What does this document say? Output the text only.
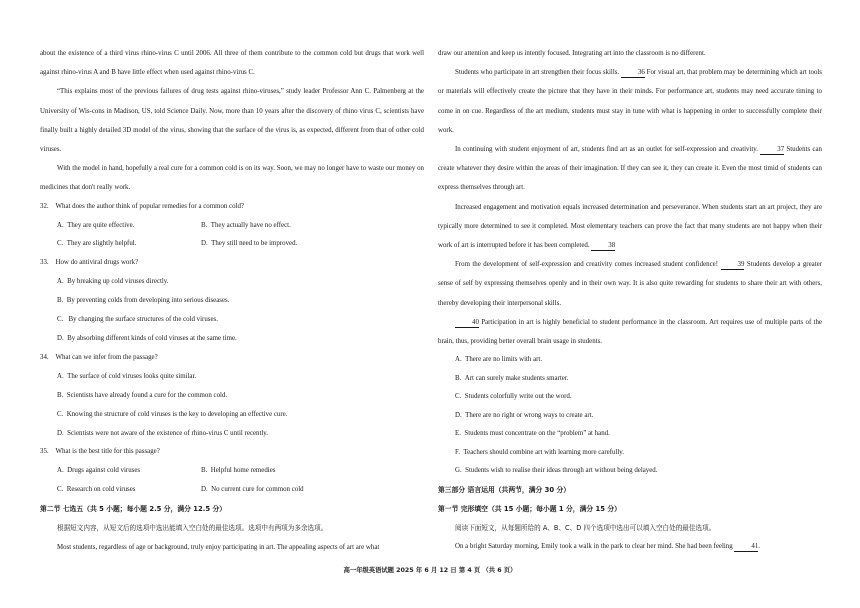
about the existence of a third virus rhino-virus C until 2006. All three of them contribute to the common cold but drugs that work well against rhino-virus A and B have little effect when used against rhino-virus C.

“This explains most of the previous failures of drug tests against rhino-viruses,” study leader Professor Ann C. Palmenberg at the University of Wis-cons in Madison, US, told Science Daily. Now, more than 10 years after the discovery of rhino virus C, scientists have finally built a highly detailed 3D model of the virus, showing that the surface of the virus is, as expected, different from that of other cold viruses.

With the model in hand, hopefully a real cure for a common cold is on its way. Soon, we may no longer have to waste our money on medicines that don't really work.

32. What does the author think of popular remedies for a common cold?

A. They are quite effective.	B. They actually have no effect.
C. They are slightly helpful.	D. They still need to be improved.

33. How do antiviral drugs work?

A. By breaking up cold viruses directly.

B. By preventing colds from developing into serious diseases.

C.  By changing the surface structures of the cold viruses.

D. By absorbing different kinds of cold viruses at the same time.

34. What can we infer from the passage?

A. The surface of cold viruses looks quite similar.

B. Scientists have already found a cure for the common cold.

C. Knowing the structure of cold viruses is the key to developing an effective cure.

D. Scientists were not aware of the existence of rhino-virus C until recently.

35. What is the best title for this passage?

A. Drugs against cold viruses	B. Helpful home remedies
C. Research on cold viruses	D. No current cure for common cold

第二节 七选五（共 5 小题；每小题 2.5 分，满分 12.5 分）

根据短文内容，从短文后的选项中选出能填入空白处的最佳选项。选项中有两项为多余选项。

Most students, regardless of age or background, truly enjoy participating in art. The appealing aspects of art are what

draw our attention and keep us intently focused. Integrating art into the classroom is no different.

Students who participate in art strengthen their focus skills.	36 For visual art, that problem may be determining which art tools or materials will effectively create the picture that they have in their minds. For performance art, students may need accurate timing to come in on cue. Regardless of the art medium, students must stay in tune with what is happening in order to successfully complete their work.

In continuing with student enjoyment of art, students find art as an outlet for self-expression and creativity.	37 Students can create whatever they desire within the areas of their imagination. If they can see it, they can create it. Even the most timid of students can express themselves through art.

Increased engagement and motivation equals increased determination and perseverance. When students start an art project, they are typically more determined to see it completed. Most elementary teachers can prove the fact that many students are not happy when their work of art is interrupted before it has been completed.	38

From the development of self-expression and creativity comes increased student confidence!	39 Students develop a greater sense of self by expressing themselves openly and in their own way. It is also quite rewarding for students to share their art with others, thereby developing their interpersonal skills.

40 Participation in art is highly beneficial to student performance in the classroom. Art requires use of multiple parts of the brain, thus, providing better overall brain usage in students.

A. There are no limits with art.

B. Art can surely make students smarter.

C. Students colorfully write out the word.

D. There are no right or wrong ways to create art.

E. Students must concentrate on the “problem” at hand.

F. Teachers should combine art with learning more carefully.

G. Students wish to realise their ideas through art without being delayed.

第三部分 语言运用（共两节，满分 30 分）

第一节 完形填空（共 15 小题；每小题 1 分，满分 15 分）

阅读下面短文，从每题所给的 A、B、C、D 四个选项中选出可以填入空白处的最佳选项。

On a bright Saturday morning, Emily took a walk in the park to clear her mind. She had been feeling	41.

高一年级英语试题 2025 年 6 月 12 日 第 4 页 （共 6 页）
